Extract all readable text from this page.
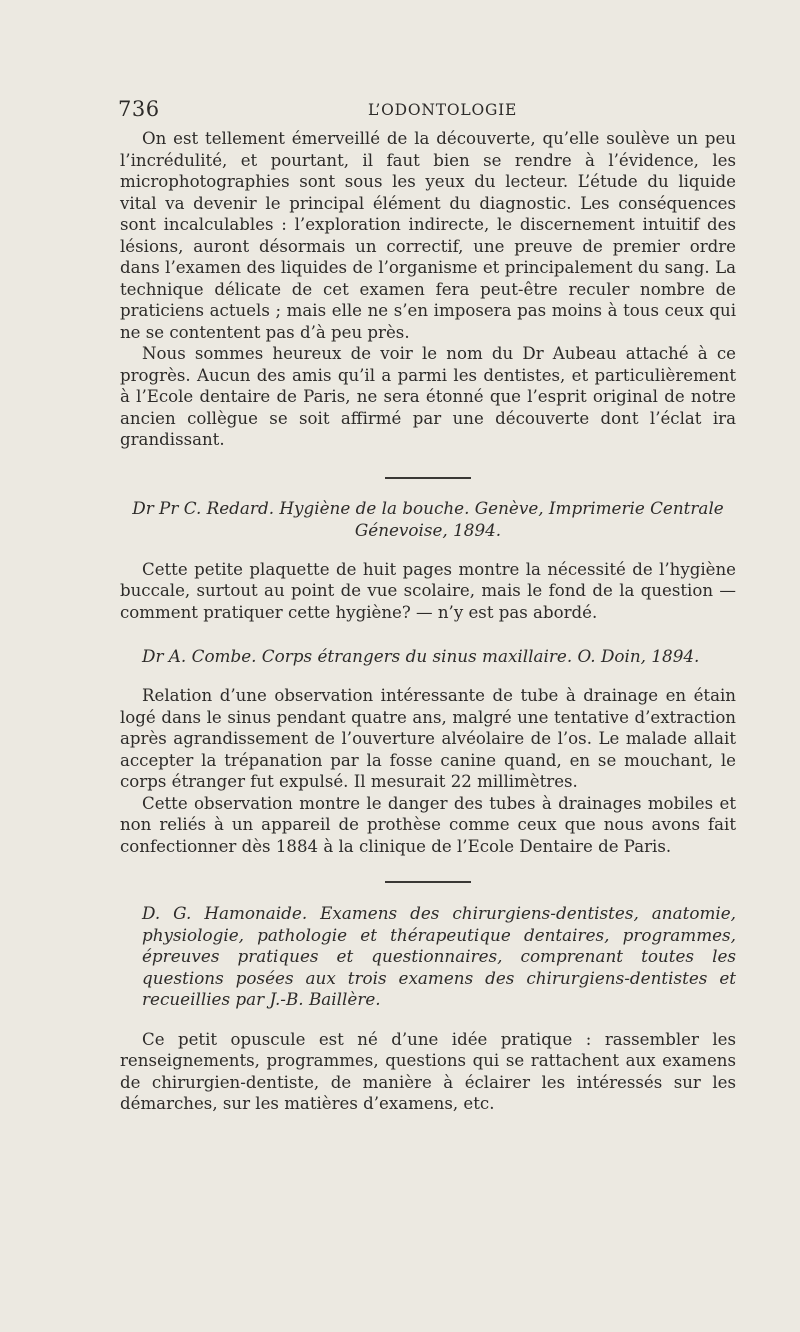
736	L’ODONTOLOGIE

On est tellement émerveillé de la découverte, qu’elle soulève un peu l’incrédulité, et pourtant, il faut bien se rendre à l’évidence, les microphotographies sont sous les yeux du lecteur. L’étude du liquide vital va devenir le principal élément du diagnostic. Les conséquences sont incalculables : l’exploration indirecte, le discernement intuitif des lésions, auront désormais un correctif, une preuve de premier ordre dans l’examen des liquides de l’organisme et principalement du sang. La technique délicate de cet examen fera peut-être reculer nombre de praticiens actuels ; mais elle ne s’en imposera pas moins à tous ceux qui ne se contentent pas d’à peu près.

Nous sommes heureux de voir le nom du Dr Aubeau attaché à ce progrès. Aucun des amis qu’il a parmi les dentistes, et particulièrement à l’Ecole dentaire de Paris, ne sera étonné que l’esprit original de notre ancien collègue se soit affirmé par une découverte dont l’éclat ira grandissant.

Dr Pr C. Redard. Hygiène de la bouche. Genève, Imprimerie Centrale Génevoise, 1894.

Cette petite plaquette de huit pages montre la nécessité de l’hygiène buccale, surtout au point de vue scolaire, mais le fond de la question —comment pratiquer cette hygiène? — n’y est pas abordé.

Dr A. Combe. Corps étrangers du sinus maxillaire. O. Doin, 1894.

Relation d’une observation intéressante de tube à drainage en étain logé dans le sinus pendant quatre ans, malgré une tentative d’extraction après agrandissement de l’ouverture alvéolaire de l’os. Le malade allait accepter la trépanation par la fosse canine quand, en se mouchant, le corps étranger fut expulsé. Il mesurait 22 millimètres.

Cette observation montre le danger des tubes à drainages mobiles et non reliés à un appareil de prothèse comme ceux que nous avons fait confectionner dès 1884 à la clinique de l’Ecole Dentaire de Paris.

D. G. Hamonaide. Examens des chirurgiens-dentistes, anatomie, physiologie, pathologie et thérapeutique dentaires, programmes, épreuves pratiques et questionnaires, comprenant toutes les questions posées aux trois examens des chirurgiens-dentistes et recueillies par J.-B. Baillère.

Ce petit opuscule est né d’une idée pratique : rassembler les renseignements, programmes, questions qui se rattachent aux examens de chirurgien-dentiste, de manière à éclairer les intéressés sur les démarches, sur les matières d’examens, etc.
